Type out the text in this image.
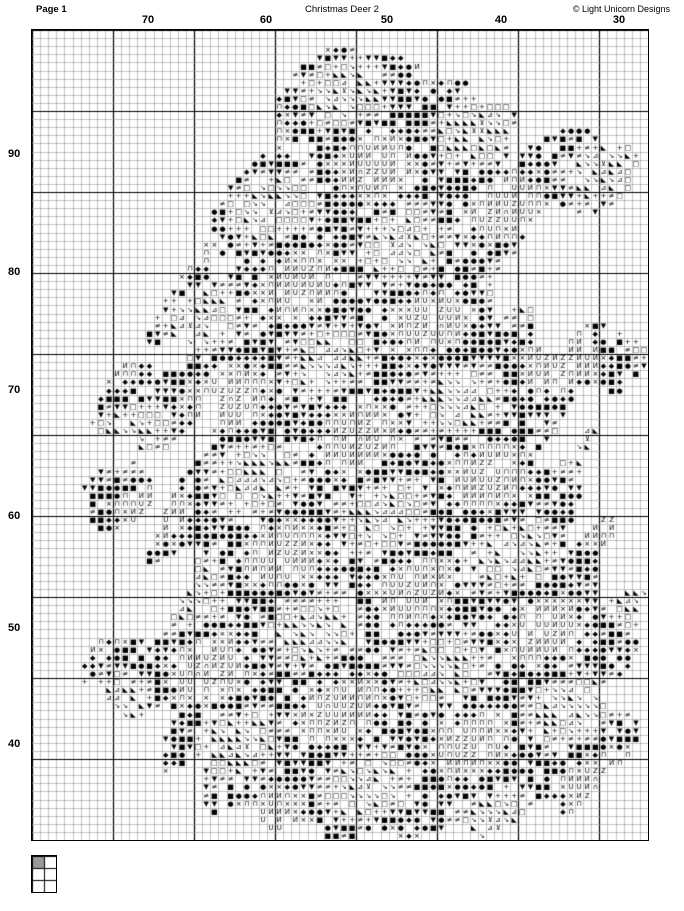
Page 1	Christmas Deer 2	© Light Unicorn Designs
70	60	50	40	30
90
80
70
60
50
40
